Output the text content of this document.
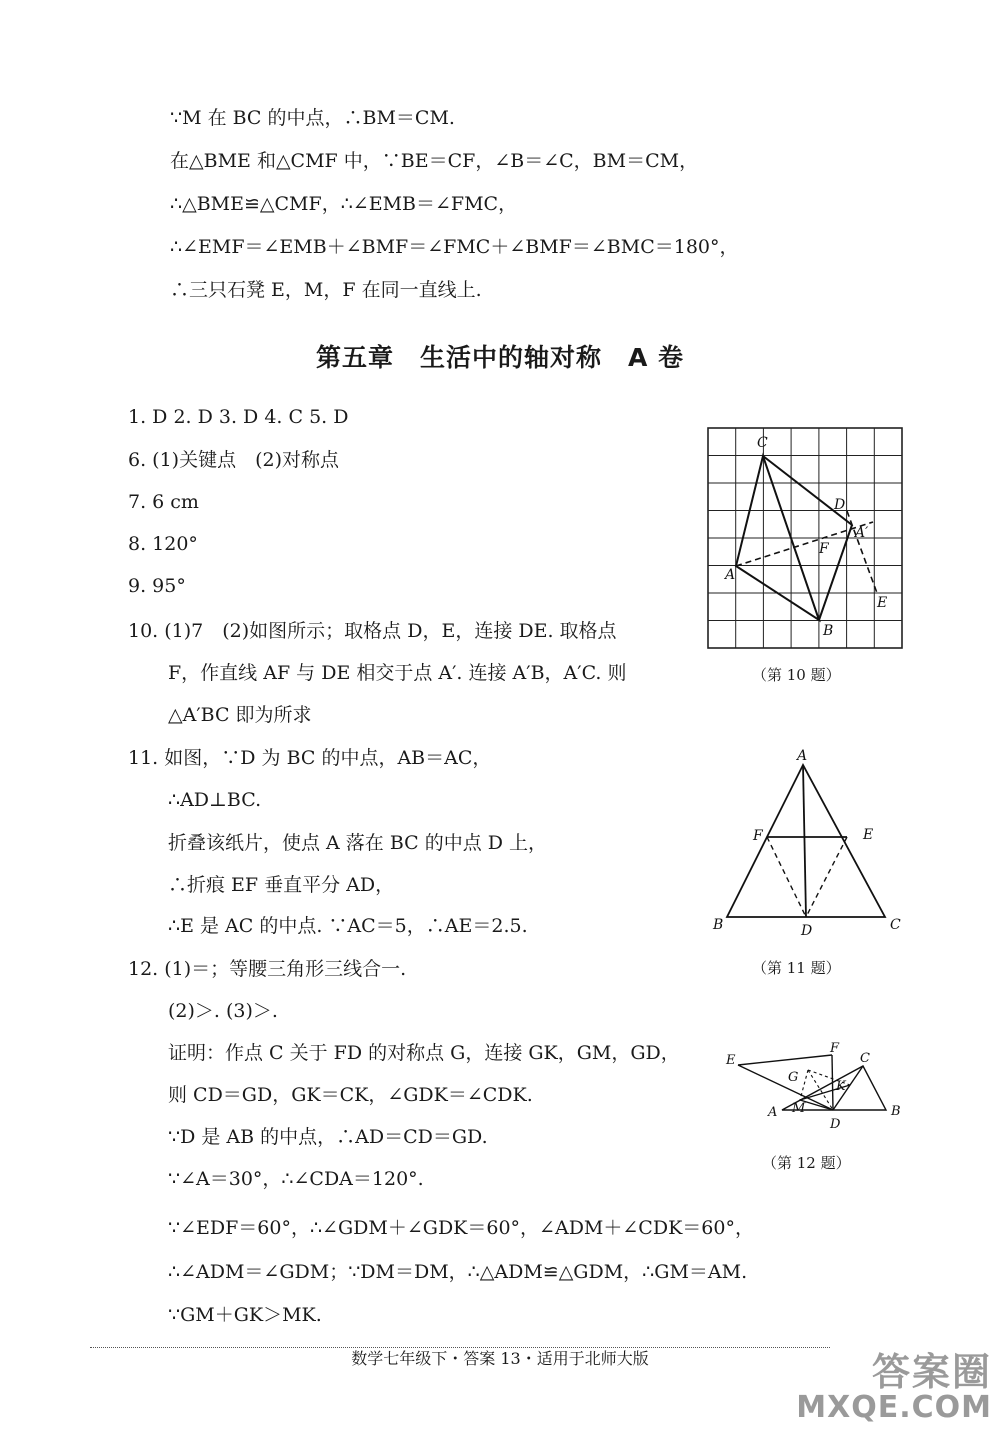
∵M 在 BC 的中点，∴BM＝CM.
在△BME 和△CMF 中，∵BE＝CF，∠B＝∠C，BM＝CM，
∴△BME≌△CMF，∴∠EMB＝∠FMC，
∴∠EMF＝∠EMB＋∠BMF＝∠FMC＋∠BMF＝∠BMC＝180°，
∴三只石凳 E，M，F 在同一直线上.
第五章　生活中的轴对称　A 卷
1. D 2. D 3. D 4. C 5. D
6. (1)关键点　(2)对称点
7. 6 cm
8. 120°
9. 95°
10. (1)7　(2)如图所示；取格点 D，E，连接 DE. 取格点
F，作直线 AF 与 DE 相交于点 A′. 连接 A′B，A′C. 则
△A′BC 即为所求
11. 如图，∵D 为 BC 的中点，AB＝AC，
∴AD⊥BC.
折叠该纸片，使点 A 落在 BC 的中点 D 上，
∴折痕 EF 垂直平分 AD，
∴E 是 AC 的中点. ∵AC＝5，∴AE＝2.5.
12. (1)＝；等腰三角形三线合一.
(2)＞. (3)＞.
证明：作点 C 关于 FD 的对称点 G，连接 GK，GM，GD，
则 CD＝GD，GK＝CK，∠GDK＝∠CDK.
∵D 是 AB 的中点，∴AD＝CD＝GD.
∵∠A＝30°，∴∠CDA＝120°.
∵∠EDF＝60°，∴∠GDM＋∠GDK＝60°，∠ADM＋∠CDK＝60°，
∴∠ADM＝∠GDM；∵DM＝DM，∴△ADM≌△GDM，∴GM＝AM.
∵GM＋GK＞MK.
C
D
A′
F
A
E
B
（第 10 题）
A
F	E
B	D	C
（第 11 题）
E
F
C
G
K
A M	B
D
（第 12 题）
数学七年级下・答案 13・适用于北师大版	答案圈
MXQE.COM
